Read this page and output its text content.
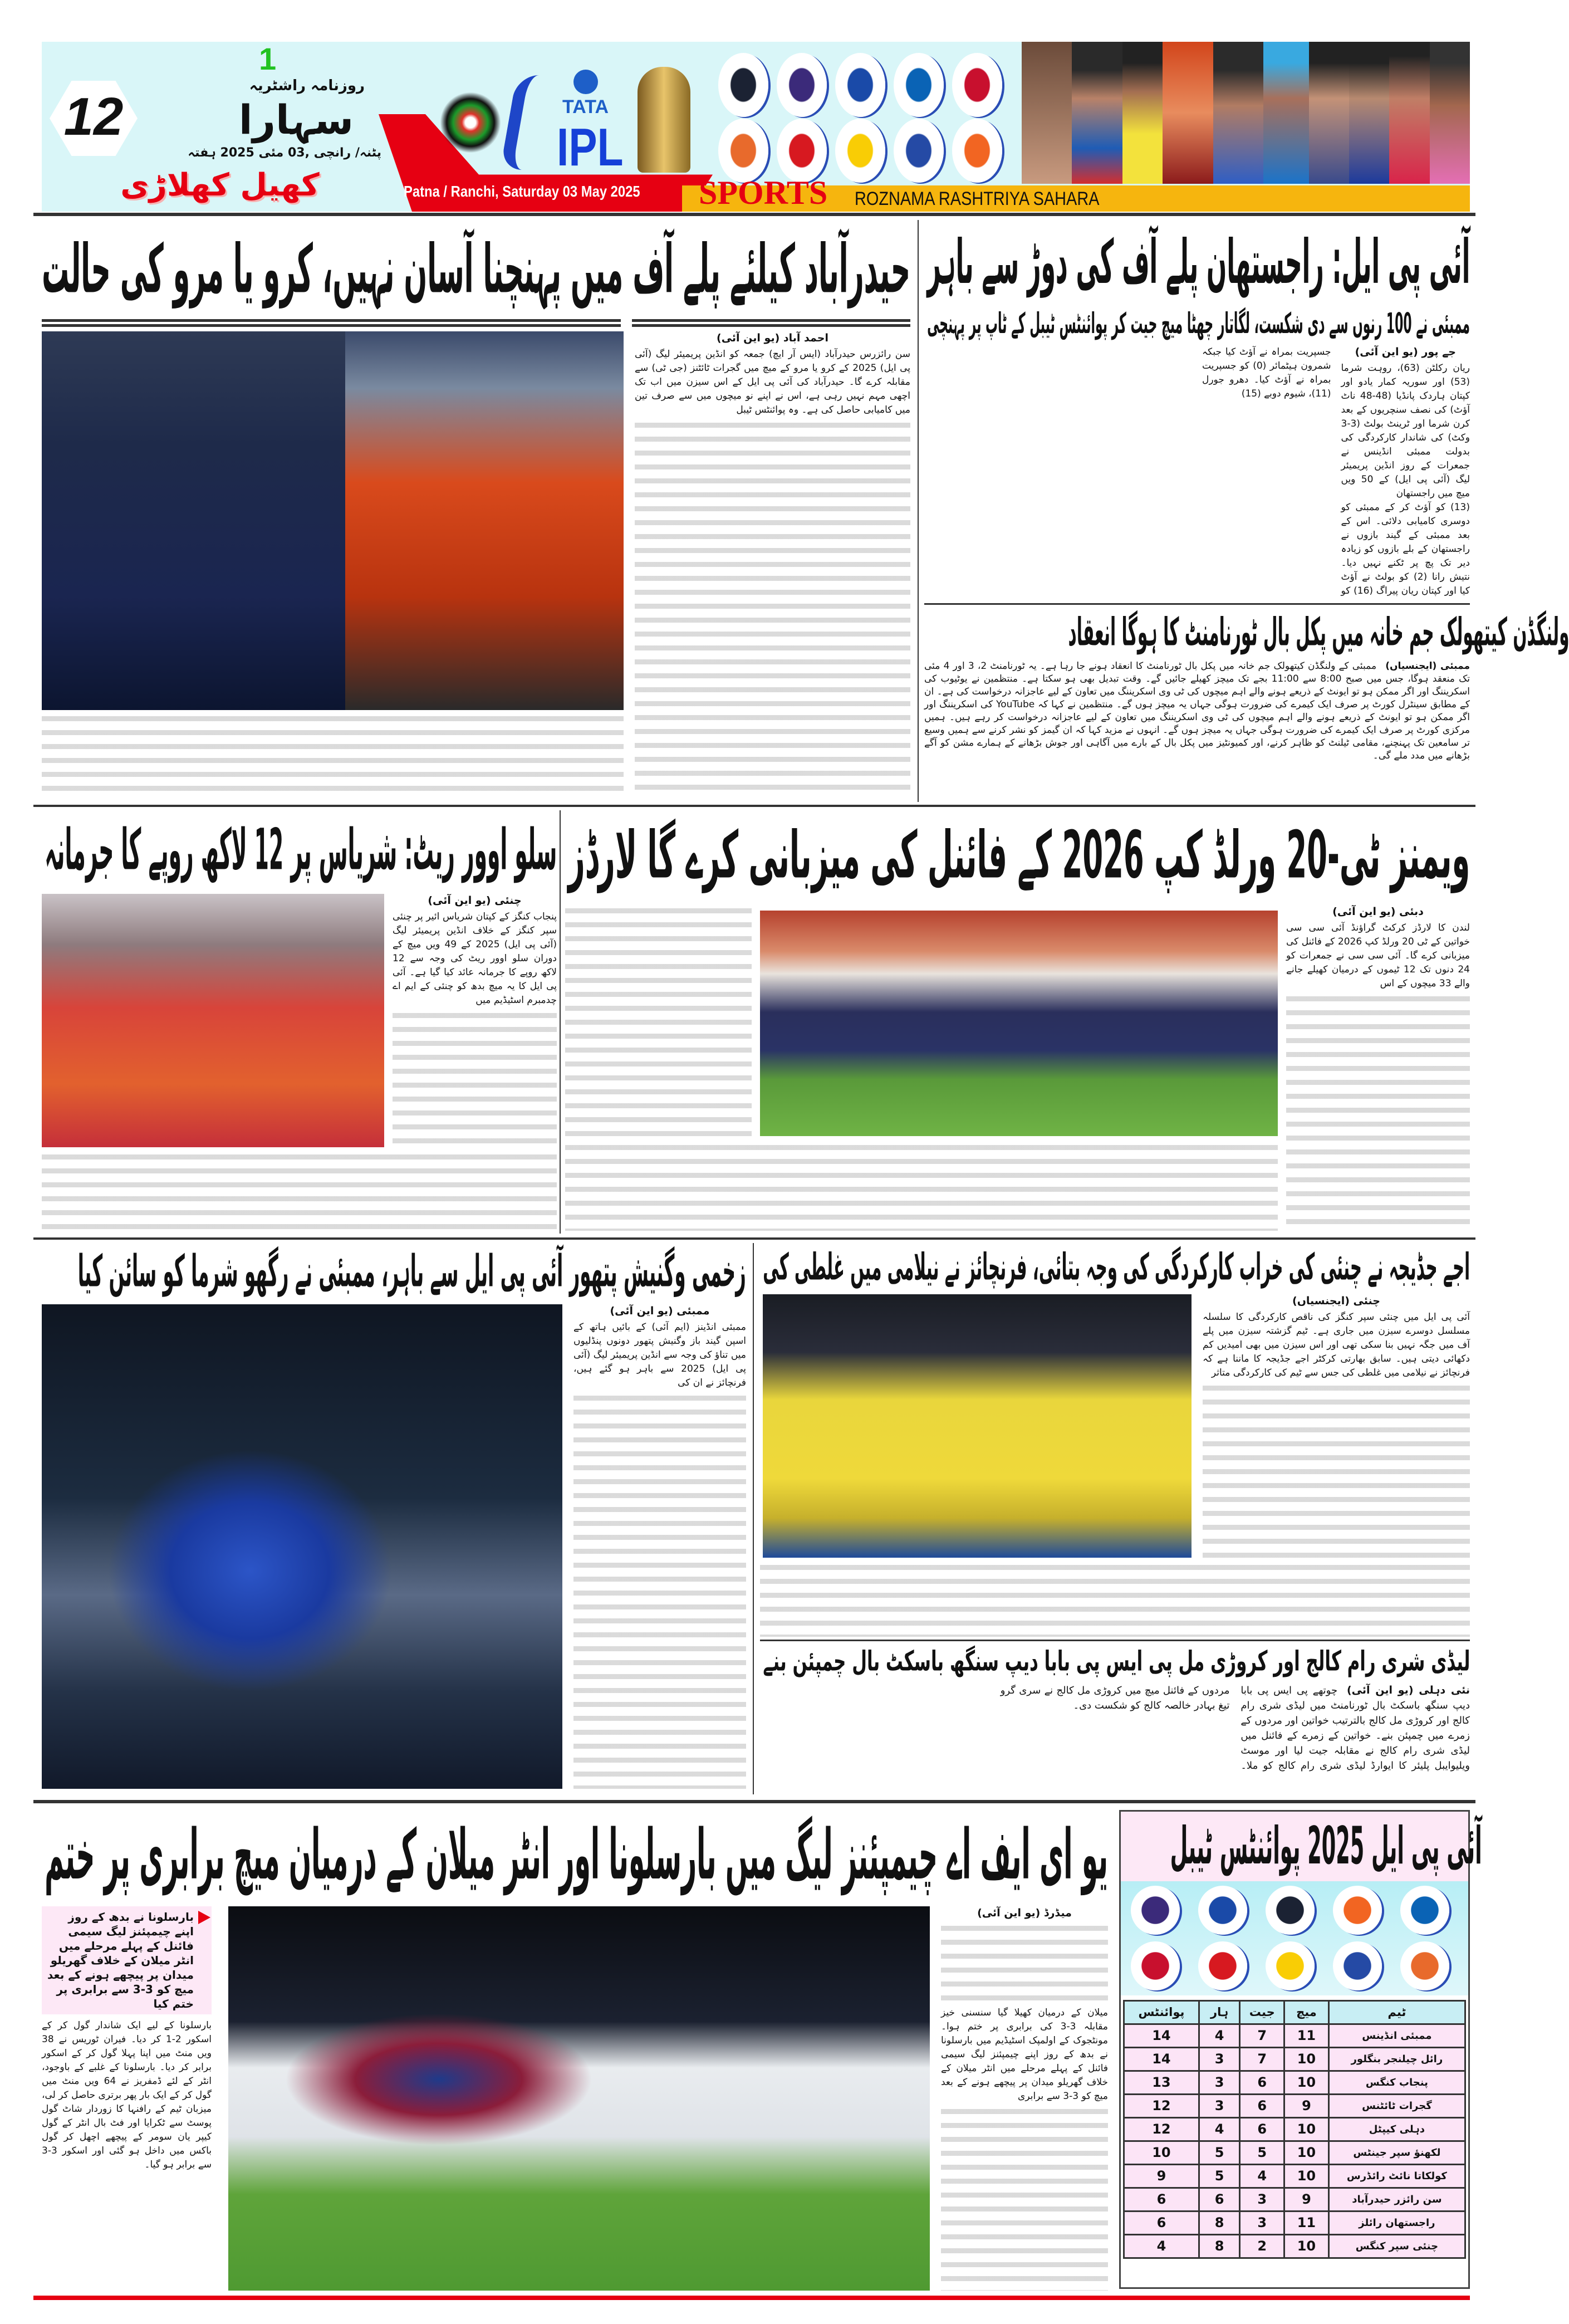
12
1
روزنامہ راشٹریہ
سہارا
پٹنہ/ رانچی ,03 مئی 2025 ہفتہ
کھیل کھلاڑی	Patna / Ranchi, Saturday 03 May 2025
TATA
IPL
SPORTS ROZNAMA RASHTRIYA SAHARA
حیدرآباد کیلئے پلے آف میں پہنچنا آسان نہیں، کرو یا مرو کی حالت
احمد آباد (یو این آئی)

سن رائزرس حیدرآباد (ایس آر ایچ) جمعہ کو انڈین پریمیئر لیگ (آئی پی ایل) 2025 کے کرو یا مرو کے میچ میں گجرات ٹائٹنز (جی ٹی) سے مقابلہ کرے گا۔ حیدرآباد کی آئی پی ایل کے اس سیزن میں اب تک اچھی مہم نہیں رہی ہے، اس نے اپنے نو میچوں میں سے صرف تین میں کامیابی حاصل کی ہے۔ وہ پوائنٹس ٹیبل

آئی پی ایل: راجستھان پلے آف کی دوڑ سے باہر
ممبئی نے 100 رنوں سے دی شکست، لگاتار چھٹا میچ جیت کر پوائنٹس ٹیبل کے ٹاپ پر پہنچی
جے پور (یو این آئی)

ریان رکلٹن (63)، روہت شرما (53) اور سوریہ کمار یادو اور کپتان ہاردک پانڈیا (48-48 ناٹ آؤٹ) کی نصف سنچریوں کے بعد کرن شرما اور ٹرینٹ بولٹ (3-3 وکٹ) کی شاندار کارکردگی کی بدولت ممبئی انڈینس نے جمعرات کے روز انڈین پریمیئر لیگ (آئی پی ایل) کے 50 ویں میچ میں راجستھان

(13) کو آؤٹ کر کے ممبئی کو دوسری کامیابی دلائی۔ اس کے بعد ممبئی کے گیند بازوں نے راجستھان کے بلے بازوں کو زیادہ دیر تک پچ پر ٹکنے نہیں دیا۔ نتیش رانا (2) کو بولٹ نے آؤٹ کیا اور کپتان ریان پیراگ (16) کو جسپریت بمراہ نے آؤٹ کیا جبکہ شمرون ہیٹمائر (0) کو جسپریت بمراہ نے آؤٹ کیا۔ دھرو جورل (11)، شیوم دوبے (15)

ولنگڈن کیتھولک جم خانہ میں پکل بال ٹورنامنٹ کا ہوگا انعقاد
ممبئی (ایجنسیاں) ممبئی کے ولنگڈن کیتھولک جم خانہ میں پکل بال ٹورنامنٹ کا انعقاد ہونے جا رہا ہے۔ یہ ٹورنامنٹ 2، 3 اور 4 مئی تک منعقد ہوگا، جس میں صبح 8:00 سے 11:00 بجے تک میچز کھیلے جائیں گے۔ وقت تبدیل بھی ہو سکتا ہے۔ منتظمین نے یوٹیوب کی اسکریننگ اور اگر ممکن ہو تو ایونٹ کے ذریعے ہونے والے اہم میچوں کی ٹی وی اسکریننگ میں تعاون کے لیے عاجزانہ درخواست کی ہے۔ ان کے مطابق سینٹرل کورٹ پر صرف ایک کیمرے کی ضرورت ہوگی جہاں یہ میچز ہوں گے۔ منتظمین نے کہا کہ YouTube کی اسکریننگ اور اگر ممکن ہو تو ایونٹ کے ذریعے ہونے والے اہم میچوں کی ٹی وی اسکریننگ میں تعاون کے لیے عاجزانہ درخواست کر رہے ہیں۔ ہمیں مرکزی کورٹ پر صرف ایک کیمرے کی ضرورت ہوگی جہاں یہ میچز ہوں گے۔ انہوں نے مزید کہا کہ ان گیمز کو نشر کرنے سے ہمیں وسیع تر سامعین تک پہنچنے، مقامی ٹیلنٹ کو ظاہر کرنے، اور کمیونٹیز میں پکل بال کے بارے میں آگاہی اور جوش بڑھانے کے ہمارے مشن کو آگے بڑھانے میں مدد ملے گی۔
سلو اوور ریٹ: شریاس پر 12 لاکھ روپے کا جرمانہ
چنئی (یو این آئی)

پنجاب کنگز کے کپتان شریاس ائیر پر چنئی سپر کنگز کے خلاف انڈین پریمیئر لیگ (آئی پی ایل) 2025 کے 49 ویں میچ کے دوران سلو اوور ریٹ کی وجہ سے 12 لاکھ روپے کا جرمانہ عائد کیا گیا ہے۔ آئی پی ایل کا یہ میچ بدھ کو چنئی کے ایم اے چدمبرم اسٹیڈیم میں

ویمنز ٹی-20 ورلڈ کپ 2026 کے فائنل کی میزبانی کرے گا لارڈز
دبئی (یو این آئی)

لندن کا لارڈز کرکٹ گراؤنڈ آئی سی سی خواتین کے ٹی 20 ورلڈ کپ 2026 کے فائنل کی میزبانی کرے گا۔ آئی سی سی نے جمعرات کو 24 دنوں تک 12 ٹیموں کے درمیان کھیلے جانے والے 33 میچوں کے اس

زخمی وگنیش پتھور آئی پی ایل سے باہر، ممبئی نے رگھو شرما کو سائن کیا
ممبئی (یو این آئی)

ممبئی انڈینز (ایم آئی) کے بائیں ہاتھ کے اسپن گیند باز وگنیش پتھور دونوں پنڈلیوں میں تناؤ کی وجہ سے انڈین پریمیئر لیگ (آئی پی ایل) 2025 سے باہر ہو گئے ہیں، فرنچائز نے ان کی

اجے جڈیجہ نے چنئی کی خراب کارکردگی کی وجہ بتائی، فرنچائز نے نیلامی میں غلطی کی
چنئی (ایجنسیاں)

آئی پی ایل میں چنئی سپر کنگز کی ناقص کارکردگی کا سلسلہ مسلسل دوسرے سیزن میں جاری ہے۔ ٹیم گزشتہ سیزن میں پلے آف میں جگہ نہیں بنا سکی تھی اور اس سیزن میں بھی امیدیں کم دکھائی دیتی ہیں۔ سابق بھارتی کرکٹر اجے جڈیجہ کا ماننا ہے کہ فرنچائز نے نیلامی میں غلطی کی جس سے ٹیم کی کارکردگی متاثر

لیڈی شری رام کالج اور کروڑی مل پی ایس پی بابا دیپ سنگھ باسکٹ بال چمپئن بنے
نئی دہلی (یو این آئی) چوتھے پی ایس پی بابا دیپ سنگھ باسکٹ بال ٹورنامنٹ میں لیڈی شری رام کالج اور کروڑی مل کالج بالترتیب خواتین اور مردوں کے زمرے میں چمپئن بنے۔ خواتین کے زمرے کے فائنل میں لیڈی شری رام کالج نے مقابلہ جیت لیا اور موسٹ ویلیوایبل پلیئر کا ایوارڈ لیڈی شری رام کالج کو ملا۔ مردوں کے فائنل میچ میں کروڑی مل کالج نے سری گرو تیغ بہادر خالصہ کالج کو شکست دی۔
یو ای ایف اے چیمپئنز لیگ میں بارسلونا اور انٹر میلان کے درمیان میچ برابری پر ختم
بارسلونا نے بدھ کے روز اپنے چیمپئنز لیگ سیمی فائنل کے پہلے مرحلے میں انٹر میلان کے خلاف گھریلو میدان پر پیچھے ہونے کے بعد میچ کو 3-3 سے برابری پر ختم کیا

بارسلونا کے لیے ایک شاندار گول کر کے اسکور 2-1 کر دیا۔ فیران ٹوریس نے 38 ویں منٹ میں اپنا پہلا گول کر کے اسکور برابر کر دیا۔ بارسلونا کے غلبے کے باوجود، انٹر کے لئے ڈمفریز نے 64 ویں منٹ میں گول کر کے ایک بار پھر برتری حاصل کر لی، میزبان ٹیم کے رافنہا کا زوردار شاٹ گول پوسٹ سے ٹکرایا اور فٹ بال انٹر کے گول کیپر یان سومر کے پیچھے اچھل کر گول باکس میں داخل ہو گئی اور اسکور 3-3 سے برابر ہو گیا۔

میڈرڈ (یو این آئی)

میلان کے درمیان کھیلا گیا سنسنی خیز مقابلہ 3-3 کی برابری پر ختم ہوا۔ مونٹجوک کے اولمپک اسٹیڈیم میں بارسلونا نے بدھ کے روز اپنے چیمپئنز لیگ سیمی فائنل کے پہلے مرحلے میں انٹر میلان کے خلاف گھریلو میدان پر پیچھے ہونے کے بعد میچ کو 3-3 سے برابری

آئی پی ایل 2025 پوائنٹس ٹیبل
پوائنٹس	ہار	جیت	میچ	ٹیم
14	4	7	11	ممبئی انڈینس
14	3	7	10	رائل چیلنجر بنگلور
13	3	6	10	پنجاب کنگس
12	3	6	9	گجرات ٹائٹنس
12	4	6	10	دہلی کیپٹل
10	5	5	10	لکھنؤ سپر جینٹس
9	5	4	10	کولکاتا نائٹ رائڈرس
6	6	3	9	سن رائزر حیدرآباد
6	8	3	11	راجستھان رائلز
4	8	2	10	چنئی سپر کنگس
